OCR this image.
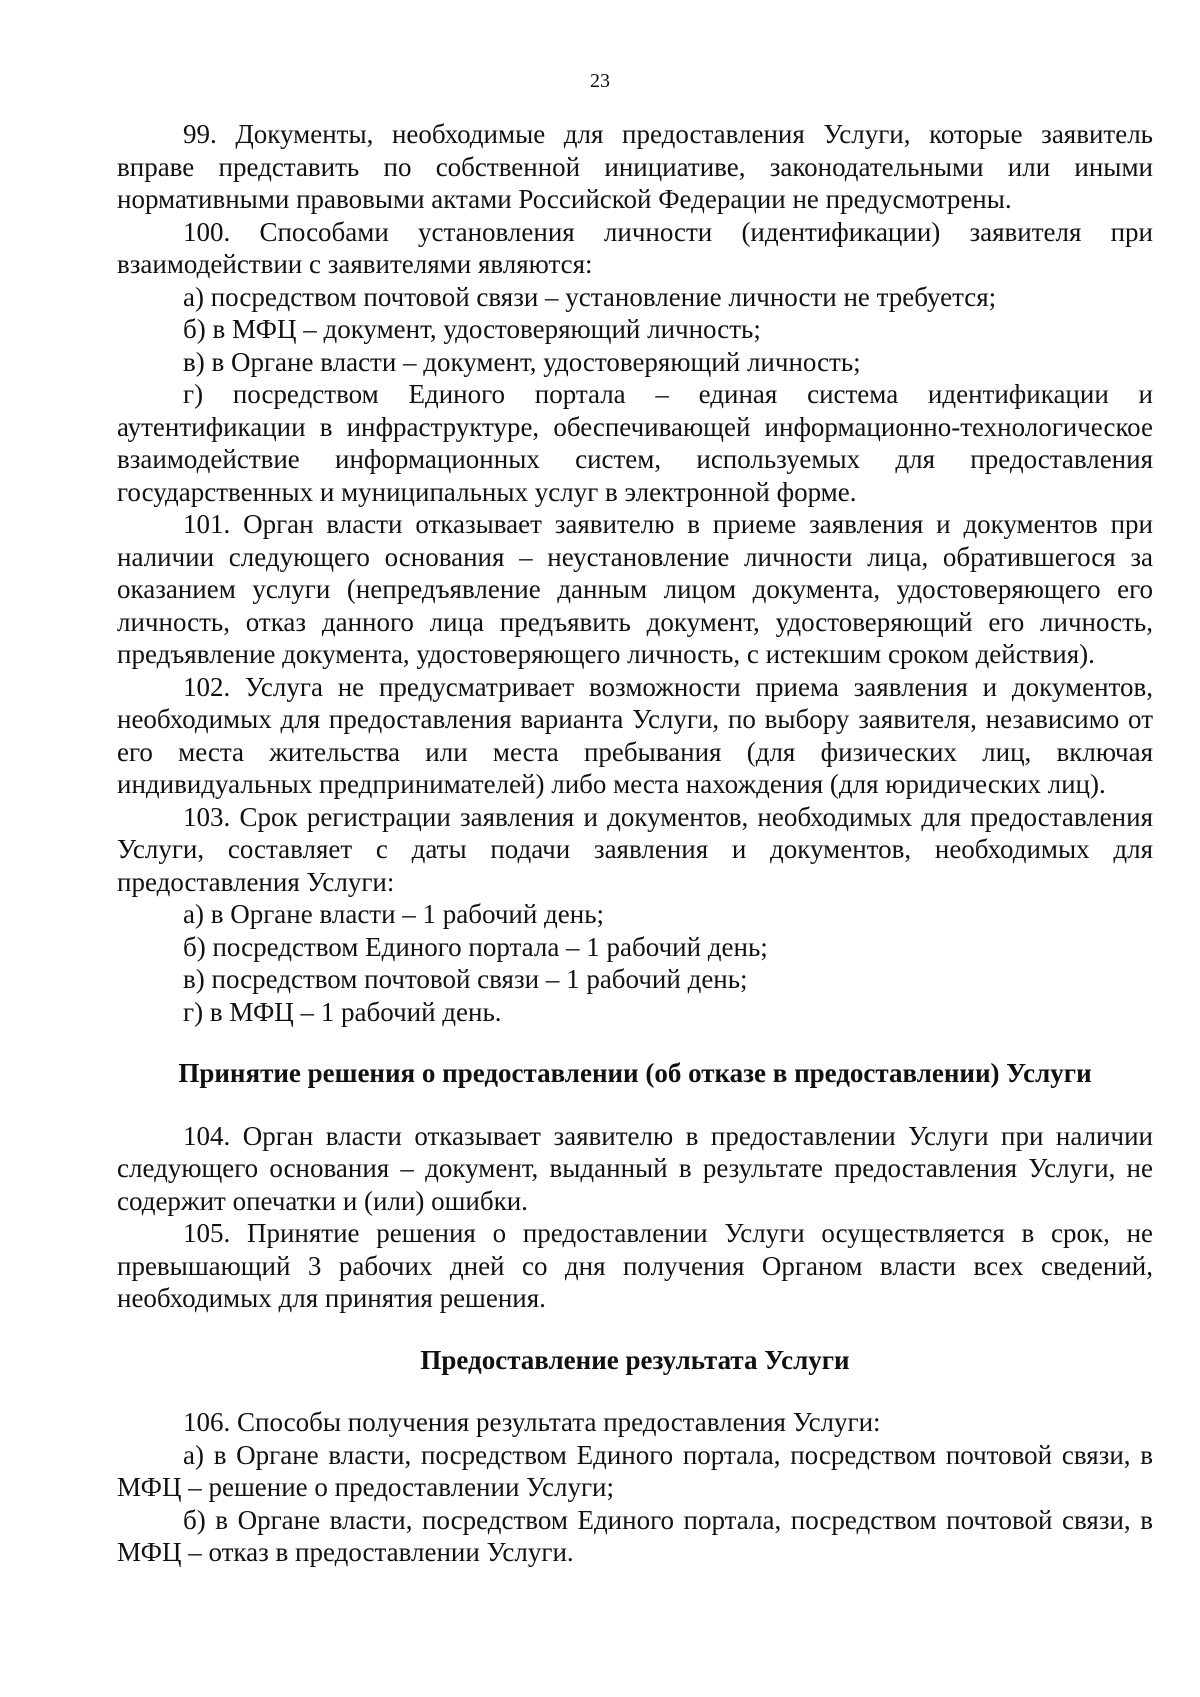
23

99. Документы, необходимые для предоставления Услуги, которые заявитель вправе представить по собственной инициативе, законодательными или иными нормативными правовыми актами Российской Федерации не предусмотрены.

100. Способами установления личности (идентификации) заявителя при взаимодействии с заявителями являются:

а) посредством почтовой связи – установление личности не требуется;

б) в МФЦ – документ, удостоверяющий личность;

в) в Органе власти – документ, удостоверяющий личность;

г) посредством Единого портала – единая система идентификации и аутентификации в инфраструктуре, обеспечивающей информационно-технологическое взаимодействие информационных систем, используемых для предоставления государственных и муниципальных услуг в электронной форме.

101. Орган власти отказывает заявителю в приеме заявления и документов при наличии следующего основания – неустановление личности лица, обратившегося за оказанием услуги (непредъявление данным лицом документа, удостоверяющего его личность, отказ данного лица предъявить документ, удостоверяющий его личность, предъявление документа, удостоверяющего личность, с истекшим сроком действия).

102. Услуга не предусматривает возможности приема заявления и документов, необходимых для предоставления варианта Услуги, по выбору заявителя, независимо от его места жительства или места пребывания (для физических лиц, включая индивидуальных предпринимателей) либо места нахождения (для юридических лиц).

103. Срок регистрации заявления и документов, необходимых для предоставления Услуги, составляет с даты подачи заявления и документов, необходимых для предоставления Услуги:

а) в Органе власти – 1 рабочий день;

б) посредством Единого портала – 1 рабочий день;

в) посредством почтовой связи – 1 рабочий день;

г) в МФЦ – 1 рабочий день.

Принятие решения о предоставлении (об отказе в предоставлении) Услуги

104. Орган власти отказывает заявителю в предоставлении Услуги при наличии следующего основания – документ, выданный в результате предоставления Услуги, не содержит опечатки и (или) ошибки.

105. Принятие решения о предоставлении Услуги осуществляется в срок, не превышающий 3 рабочих дней со дня получения Органом власти всех сведений, необходимых для принятия решения.

Предоставление результата Услуги

106. Способы получения результата предоставления Услуги:

а) в Органе власти, посредством Единого портала, посредством почтовой связи, в МФЦ – решение о предоставлении Услуги;

б) в Органе власти, посредством Единого портала, посредством почтовой связи, в МФЦ – отказ в предоставлении Услуги.
